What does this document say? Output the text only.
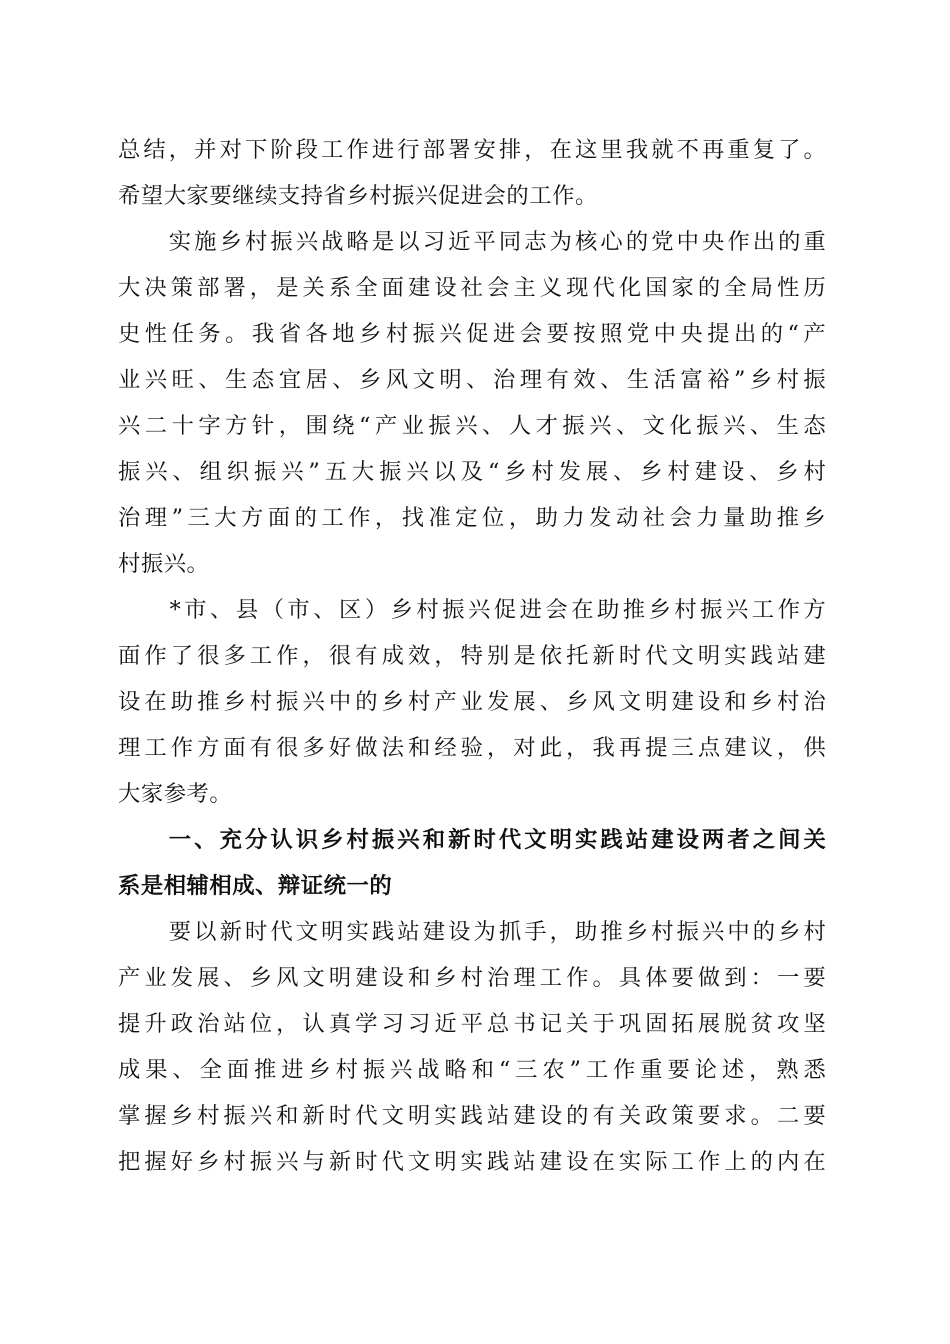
总 结 ， 并 对 下 阶 段 工 作 进 行 部 署 安 排 ， 在 这 里 我 就 不 再 重 复 了 。
希望大家要继续支持省乡村振兴促进会的工作。

实 施 乡 村 振 兴 战 略 是 以 习 近 平 同 志 为 核 心 的 党 中 央 作 出 的 重
大 决 策 部 署 ， 是 关 系 全 面 建 设 社 会 主 义 现 代 化 国 家 的 全 局 性 历
史 性 任 务 。 我 省 各 地 乡 村 振 兴 促 进 会 要 按 照 党 中 央 提 出 的 “ 产
业 兴 旺 、 生 态 宜 居 、 乡 风 文 明 、 治 理 有 效 、 生 活 富 裕 ” 乡 村 振
兴 二 十 字 方 针 ， 围 绕 “ 产 业 振 兴 、 人 才 振 兴 、 文 化 振 兴 、 生 态
振 兴 、 组 织 振 兴 ” 五 大 振 兴 以 及 “ 乡 村 发 展 、 乡 村 建 设 、 乡 村
治 理 ” 三 大 方 面 的 工 作 ， 找 准 定 位 ， 助 力 发 动 社 会 力 量 助 推 乡
村振兴。

* 市 、 县 （ 市 、 区 ） 乡 村 振 兴 促 进 会 在 助 推 乡 村 振 兴 工 作 方
面 作 了 很 多 工 作 ， 很 有 成 效 ， 特 别 是 依 托 新 时 代 文 明 实 践 站 建
设 在 助 推 乡 村 振 兴 中 的 乡 村 产 业 发 展 、 乡 风 文 明 建 设 和 乡 村 治
理 工 作 方 面 有 很 多 好 做 法 和 经 验 ， 对 此 ， 我 再 提 三 点 建 议 ， 供
大家参考。

一 、 充 分 认 识 乡 村 振 兴 和 新 时 代 文 明 实 践 站 建 设 两 者 之 间 关
系是相辅相成、辩证统一的

要 以 新 时 代 文 明 实 践 站 建 设 为 抓 手 ， 助 推 乡 村 振 兴 中 的 乡 村
产 业 发 展 、 乡 风 文 明 建 设 和 乡 村 治 理 工 作 。 具 体 要 做 到 ： 一 要
提 升 政 治 站 位 ， 认 真 学 习 习 近 平 总 书 记 关 于 巩 固 拓 展 脱 贫 攻 坚
成 果 、 全 面 推 进 乡 村 振 兴 战 略 和 “ 三 农 ” 工 作 重 要 论 述 ， 熟 悉
掌 握 乡 村 振 兴 和 新 时 代 文 明 实 践 站 建 设 的 有 关 政 策 要 求 。 二 要
把 握 好 乡 村 振 兴 与 新 时 代 文 明 实 践 站 建 设 在 实 际 工 作 上 的 内 在
